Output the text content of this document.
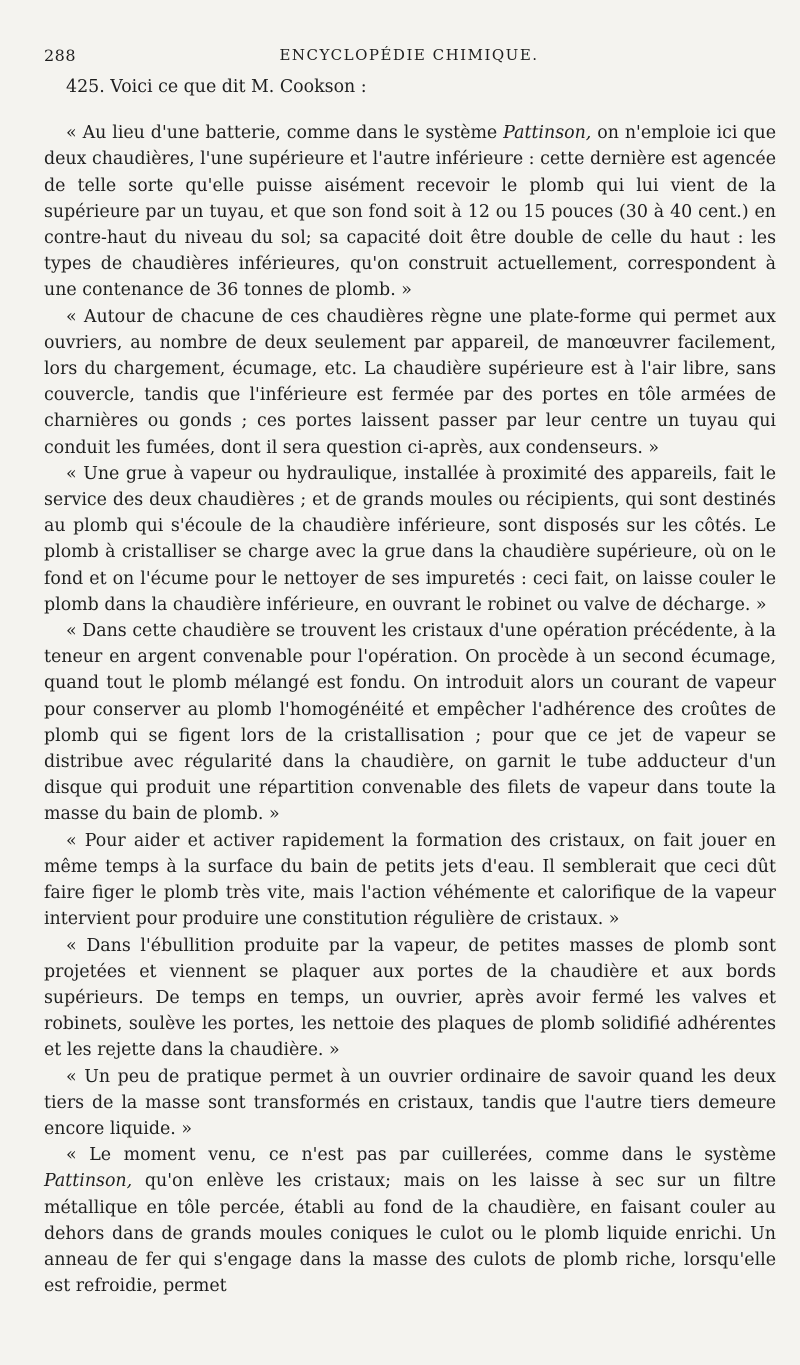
288	ENCYCLOPÉDIE CHIMIQUE.

425. Voici ce que dit M. Cookson :

« Au lieu d'une batterie, comme dans le système Pattinson, on n'emploie ici que deux chaudières, l'une supérieure et l'autre inférieure : cette dernière est agencée de telle sorte qu'elle puisse aisément recevoir le plomb qui lui vient de la supérieure par un tuyau, et que son fond soit à 12 ou 15 pouces (30 à 40 cent.) en contre-haut du niveau du sol; sa capacité doit être double de celle du haut : les types de chaudières inférieures, qu'on construit actuellement, correspondent à une contenance de 36 tonnes de plomb. »

« Autour de chacune de ces chaudières règne une plate-forme qui permet aux ouvriers, au nombre de deux seulement par appareil, de manœuvrer facilement, lors du chargement, écumage, etc. La chaudière supérieure est à l'air libre, sans couvercle, tandis que l'inférieure est fermée par des portes en tôle armées de charnières ou gonds ; ces portes laissent passer par leur centre un tuyau qui conduit les fumées, dont il sera question ci-après, aux condenseurs. »

« Une grue à vapeur ou hydraulique, installée à proximité des appareils, fait le service des deux chaudières ; et de grands moules ou récipients, qui sont destinés au plomb qui s'écoule de la chaudière inférieure, sont disposés sur les côtés. Le plomb à cristalliser se charge avec la grue dans la chaudière supérieure, où on le fond et on l'écume pour le nettoyer de ses impuretés : ceci fait, on laisse couler le plomb dans la chaudière inférieure, en ouvrant le robinet ou valve de décharge. »

« Dans cette chaudière se trouvent les cristaux d'une opération précédente, à la teneur en argent convenable pour l'opération. On procède à un second écumage, quand tout le plomb mélangé est fondu. On introduit alors un courant de vapeur pour conserver au plomb l'homogénéité et empêcher l'adhérence des croûtes de plomb qui se figent lors de la cristallisation ; pour que ce jet de vapeur se distribue avec régularité dans la chaudière, on garnit le tube adducteur d'un disque qui produit une répartition convenable des filets de vapeur dans toute la masse du bain de plomb. »

« Pour aider et activer rapidement la formation des cristaux, on fait jouer en même temps à la surface du bain de petits jets d'eau. Il semblerait que ceci dût faire figer le plomb très vite, mais l'action véhémente et calorifique de la vapeur intervient pour produire une constitution régulière de cristaux. »

« Dans l'ébullition produite par la vapeur, de petites masses de plomb sont projetées et viennent se plaquer aux portes de la chaudière et aux bords supérieurs. De temps en temps, un ouvrier, après avoir fermé les valves et robinets, soulève les portes, les nettoie des plaques de plomb solidifié adhérentes et les rejette dans la chaudière. »

« Un peu de pratique permet à un ouvrier ordinaire de savoir quand les deux tiers de la masse sont transformés en cristaux, tandis que l'autre tiers demeure encore liquide. »

« Le moment venu, ce n'est pas par cuillerées, comme dans le système Pattinson, qu'on enlève les cristaux; mais on les laisse à sec sur un filtre métallique en tôle percée, établi au fond de la chaudière, en faisant couler au dehors dans de grands moules coniques le culot ou le plomb liquide enrichi. Un anneau de fer qui s'engage dans la masse des culots de plomb riche, lorsqu'elle est refroidie, permet
